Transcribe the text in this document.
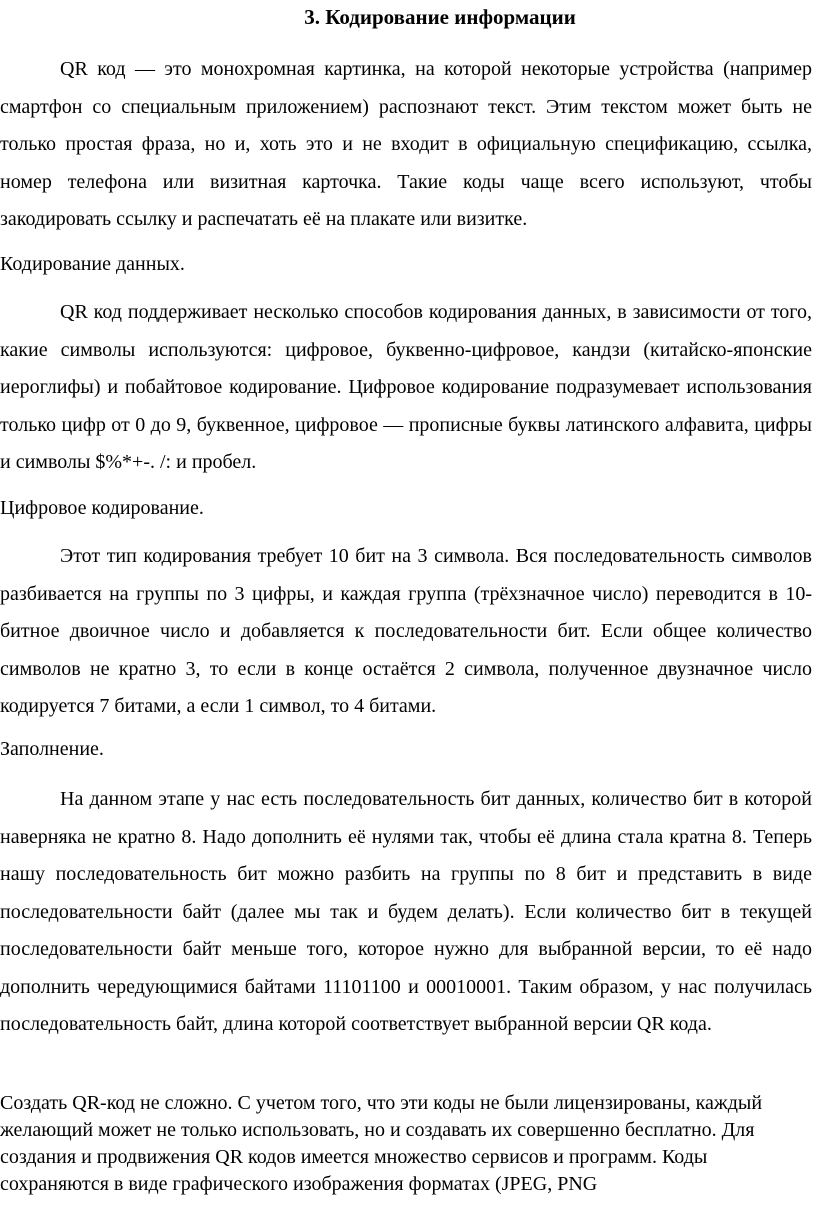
3. Кодирование информации

QR код — это монохромная картинка, на которой некоторые устройства (например смартфон со специальным приложением) распознают текст. Этим текстом может быть не только простая фраза, но и, хоть это и не входит в официальную спецификацию, ссылка, номер телефона или визитная карточка. Такие коды чаще всего используют, чтобы закодировать ссылку и распечатать её на плакате или визитке.

Кодирование данных.

QR код поддерживает несколько способов кодирования данных, в зависимости от того, какие символы используются: цифровое, буквенно-цифровое, кандзи (китайско-японские иероглифы) и побайтовое кодирование. Цифровое кодирование подразумевает использования только цифр от 0 до 9, буквенное, цифровое — прописные буквы латинского алфавита, цифры и символы $%*+-. /: и пробел.

Цифровое кодирование.

Этот тип кодирования требует 10 бит на 3 символа. Вся последовательность символов разбивается на группы по 3 цифры, и каждая группа (трёхзначное число) переводится в 10-битное двоичное число и добавляется к последовательности бит. Если общее количество символов не кратно 3, то если в конце остаётся 2 символа, полученное двузначное число кодируется 7 битами, а если 1 символ, то 4 битами.

Заполнение.

На данном этапе у нас есть последовательность бит данных, количество бит в которой наверняка не кратно 8. Надо дополнить её нулями так, чтобы её длина стала кратна 8. Теперь нашу последовательность бит можно разбить на группы по 8 бит и представить в виде последовательности байт (далее мы так и будем делать). Если количество бит в текущей последовательности байт меньше того, которое нужно для выбранной версии, то её надо дополнить чередующимися байтами 11101100 и 00010001. Таким образом, у нас получилась последовательность байт, длина которой соответствует выбранной версии QR кода.

Создать QR-код не сложно. С учетом того, что эти коды не были лицензированы, каждый желающий может не только использовать, но и создавать их совершенно бесплатно. Для создания и продвижения QR кодов имеется множество сервисов и программ. Коды сохраняются в виде графического изображения форматах (JPEG, PNG
